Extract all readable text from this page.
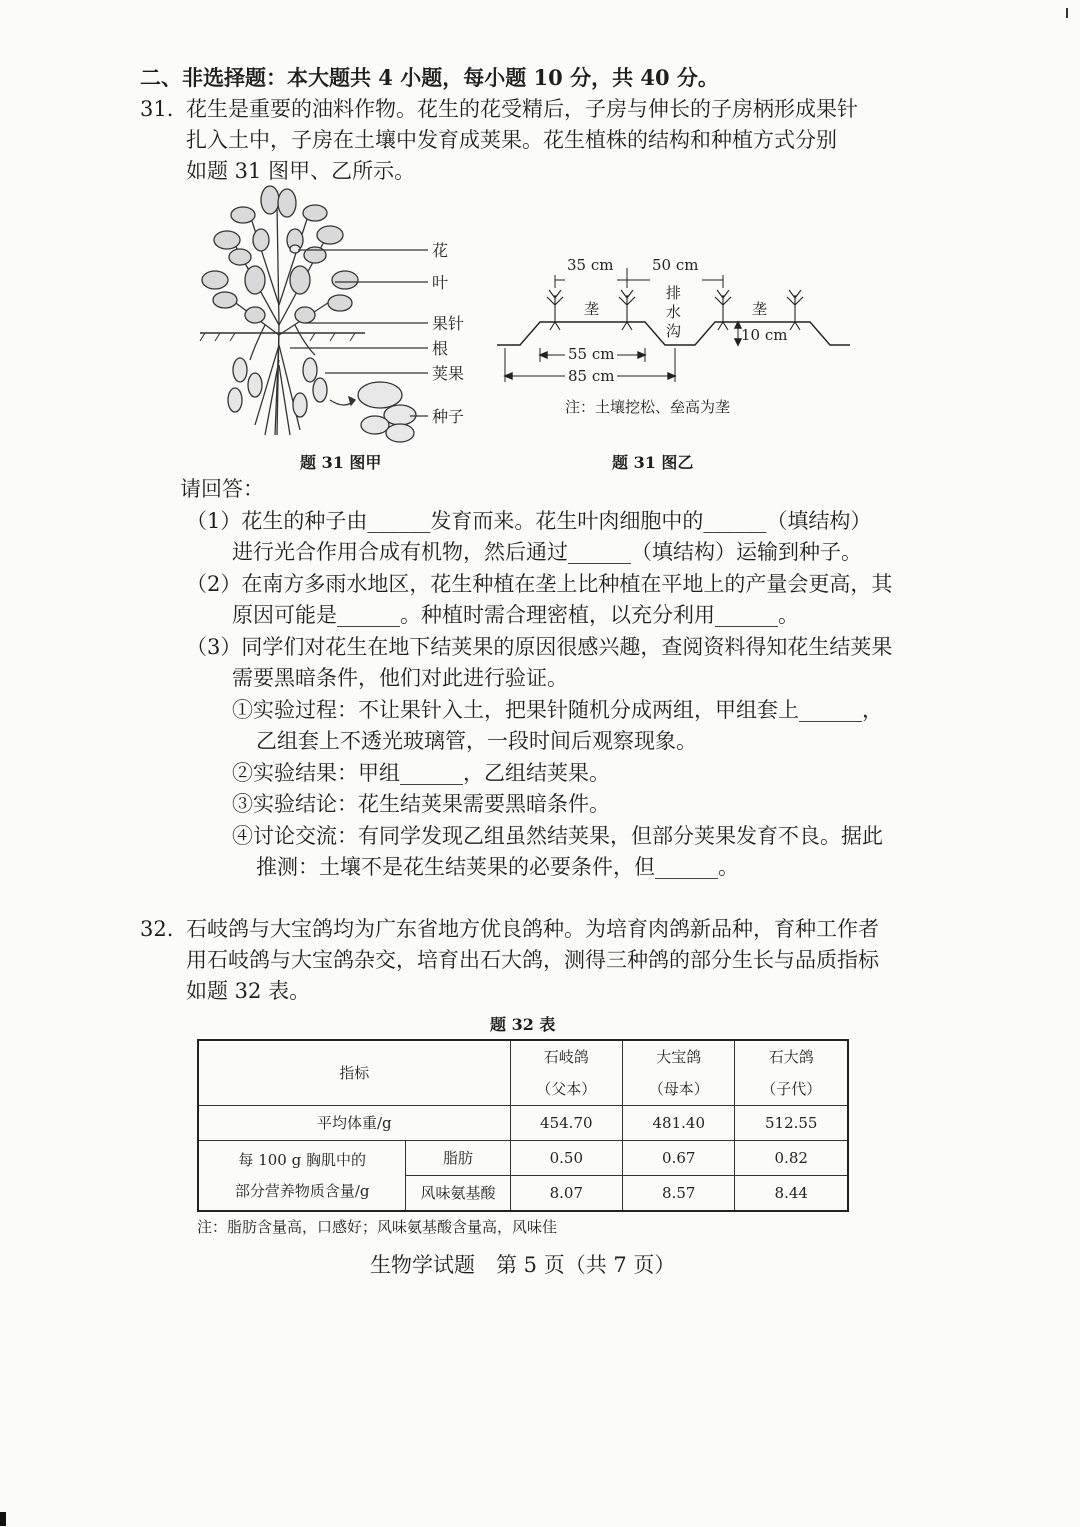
二、非选择题：本大题共 4 小题，每小题 10 分，共 40 分。
31. 花生是重要的油料作物。花生的花受精后，子房与伸长的子房柄形成果针
扎入土中，子房在土壤中发育成荚果。花生植株的结构和种植方式分别
如题 31 图甲、乙所示。
花
叶
果针
根
荚果
种子
题 31 图甲
35 cm	50 cm
垄	垄
排
水
沟	10 cm
55 cm
85 cm
注：土壤挖松、垒高为垄
题 31 图乙
请回答：
（1）花生的种子由______发育而来。花生叶肉细胞中的______（填结构）
进行光合作用合成有机物，然后通过______（填结构）运输到种子。
（2）在南方多雨水地区，花生种植在垄上比种植在平地上的产量会更高，其
原因可能是______。种植时需合理密植，以充分利用______。
（3）同学们对花生在地下结荚果的原因很感兴趣，查阅资料得知花生结荚果
需要黑暗条件，他们对此进行验证。
①实验过程：不让果针入土，把果针随机分成两组，甲组套上______，
乙组套上不透光玻璃管，一段时间后观察现象。
②实验结果：甲组______，乙组结荚果。
③实验结论：花生结荚果需要黑暗条件。
④讨论交流：有同学发现乙组虽然结荚果，但部分荚果发育不良。据此
推测：土壤不是花生结荚果的必要条件，但______。
32. 石岐鸽与大宝鸽均为广东省地方优良鸽种。为培育肉鸽新品种，育种工作者
用石岐鸽与大宝鸽杂交，培育出石大鸽，测得三种鸽的部分生长与品质指标
如题 32 表。
题 32 表
指标		石岐鸽	大宝鸽	石大鸽
		（父本）	（母本）	（子代）
平均体重/g		454.70	481.40	512.55

每 100 g 胸肌中的
部分营养物质含量/g	脂肪	0.50	0.67	0.82
	风味氨基酸	8.07	8.57	8.44
注：脂肪含量高，口感好；风味氨基酸含量高，风味佳
生物学试题　第 5 页（共 7 页）
